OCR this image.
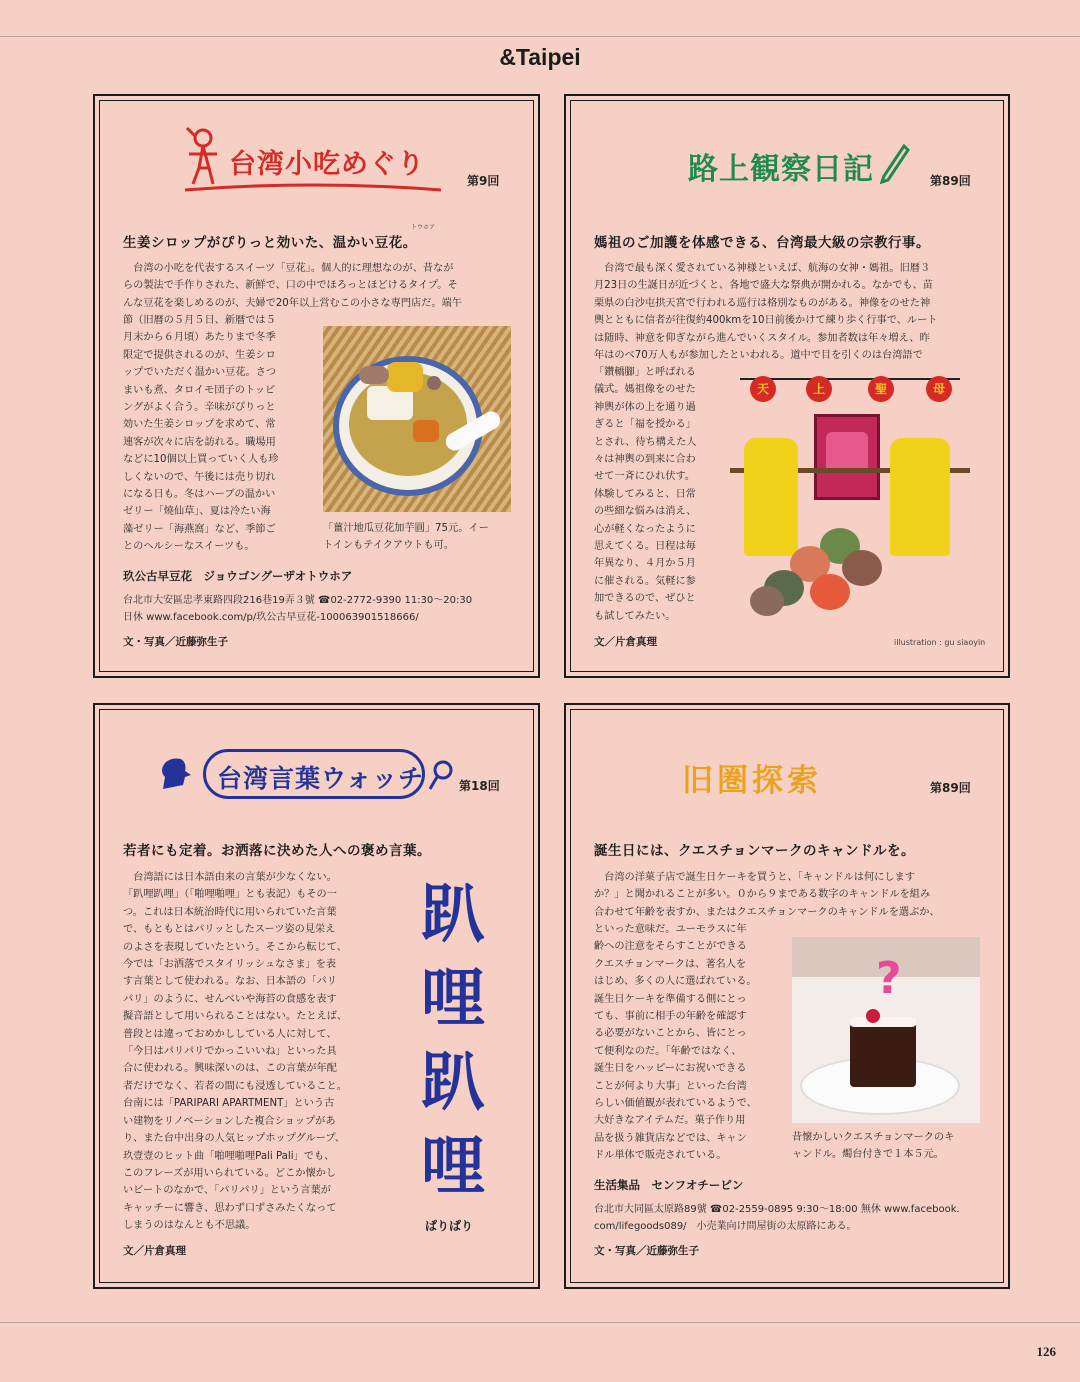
&Taipei
台湾小吃めぐり
第9回
トウホア
生姜シロップがぴりっと効いた、温かい豆花。
　台湾の小吃を代表するスイーツ「豆花」。個人的に理想なのが、昔なが
らの製法で手作りされた、新鮮で、口の中でほろっとほどけるタイプ。そ
んな豆花を楽しめるのが、夫婦で20年以上営むこの小さな専門店だ。端午
節（旧暦の５月５日、新暦では５
月末から６月頃）あたりまで冬季
限定で提供されるのが、生姜シロ
ップでいただく温かい豆花。さつ
まいも煮、タロイモ団子のトッピ
ングがよく合う。辛味がぴりっと
効いた生姜シロップを求めて、常
連客が次々に店を訪れる。職場用
などに10個以上買っていく人も珍
しくないので、午後には売り切れ
になる日も。冬はハーブの温かい
ゼリー「燒仙草」、夏は冷たい海
藻ゼリー「海燕窩」など、季節ご
とのヘルシーなスイーツも。
「薑汁地瓜豆花加芋圓」75元。イー
トインもテイクアウトも可。
玖公古早豆花　ジョウゴングーザオトウホア
台北市大安區忠孝東路四段216巷19弄３號 ☎02-2772-9390 11:30〜20:30
日休 www.facebook.com/p/玖公古早豆花-100063901518666/
文・写真／近藤弥生子
路上観察日記	第89回
媽祖のご加護を体感できる、台湾最大級の宗教行事。
　台湾で最も深く愛されている神様といえば、航海の女神・媽祖。旧暦３
月23日の生誕日が近づくと、各地で盛大な祭典が開かれる。なかでも、苗
栗県の白沙屯拱天宮で行われる巡行は格別なものがある。神像をのせた神
輿とともに信者が往復約400kmを10日前後かけて練り歩く行事で、ルート
は随時、神意を仰ぎながら進んでいくスタイル。参加者数は年々増え、昨
年はのべ70万人もが参加したといわれる。道中で目を引くのは台湾語で
「鑽轎腳」と呼ばれる
儀式。媽祖像をのせた
神輿が体の上を通り過
ぎると「福を授かる」
とされ、待ち構えた人
々は神輿の到来に合わ
せて一斉にひれ伏す。
体験してみると、日常
の些細な悩みは消え、
心が軽くなったように
思えてくる。日程は毎
年異なり、４月か５月
に催される。気軽に参
加できるので、ぜひと
も試してみたい。
天	上	聖	母
illustration : gu siaoyin
文／片倉真理
台湾言葉ウォッチ	第18回
若者にも定着。お洒落に決めた人への褒め言葉。
　台湾語には日本語由来の言葉が少なくない。
「趴哩趴哩」（「啪哩啪哩」とも表記）もその一
つ。これは日本統治時代に用いられていた言葉
で、もともとはパリッとしたスーツ姿の見栄え
のよさを表現していたという。そこから転じて、
今では「お洒落でスタイリッシュなさま」を表
す言葉として使われる。なお、日本語の「パリ
パリ」のように、せんべいや海苔の食感を表す
擬音語として用いられることはない。たとえば、
普段とは違っておめかししている人に対して、
「今日はパリパリでかっこいいね」といった具
合に使われる。興味深いのは、この言葉が年配
者だけでなく、若者の間にも浸透していること。
台南には「PARIPARI APARTMENT」という古
い建物をリノベーションした複合ショップがあ
り、また台中出身の人気ヒップホップグループ、
玖壹壹のヒット曲「啪哩啪哩Pali Pali」でも、
このフレーズが用いられている。どこか懐かし
いビートのなかで、「パリパリ」という言葉が
キャッチーに響き、思わず口ずさみたくなって
しまうのはなんとも不思議。
趴
哩
趴
哩
ぱりぱり
文／片倉真理
旧圏探索	第89回
誕生日には、クエスチョンマークのキャンドルを。
　台湾の洋菓子店で誕生日ケーキを買うと、「キャンドルは何にします
か？」と聞かれることが多い。０から９まである数字のキャンドルを組み
合わせて年齢を表すか、またはクエスチョンマークのキャンドルを選ぶか、
といった意味だ。ユーモラスに年
齢への注意をそらすことができる
クエスチョンマークは、著名人を
はじめ、多くの人に選ばれている。
誕生日ケーキを準備する側にとっ
ても、事前に相手の年齢を確認す
る必要がないことから、皆にとっ
て便利なのだ。「年齢ではなく、
誕生日をハッピーにお祝いできる
ことが何より大事」といった台湾
らしい価値観が表れているようで、
大好きなアイテムだ。菓子作り用
品を扱う雑貨店などでは、キャン
ドル単体で販売されている。
?
昔懐かしいクエスチョンマークのキ
ャンドル。燭台付きで１本５元。
生活集品　センフオチーピン
台北市大同區太原路89號 ☎02-2559-0895 9:30〜18:00 無休 www.facebook.
com/lifegoods089/　小売業向け問屋街の太原路にある。
文・写真／近藤弥生子
126
